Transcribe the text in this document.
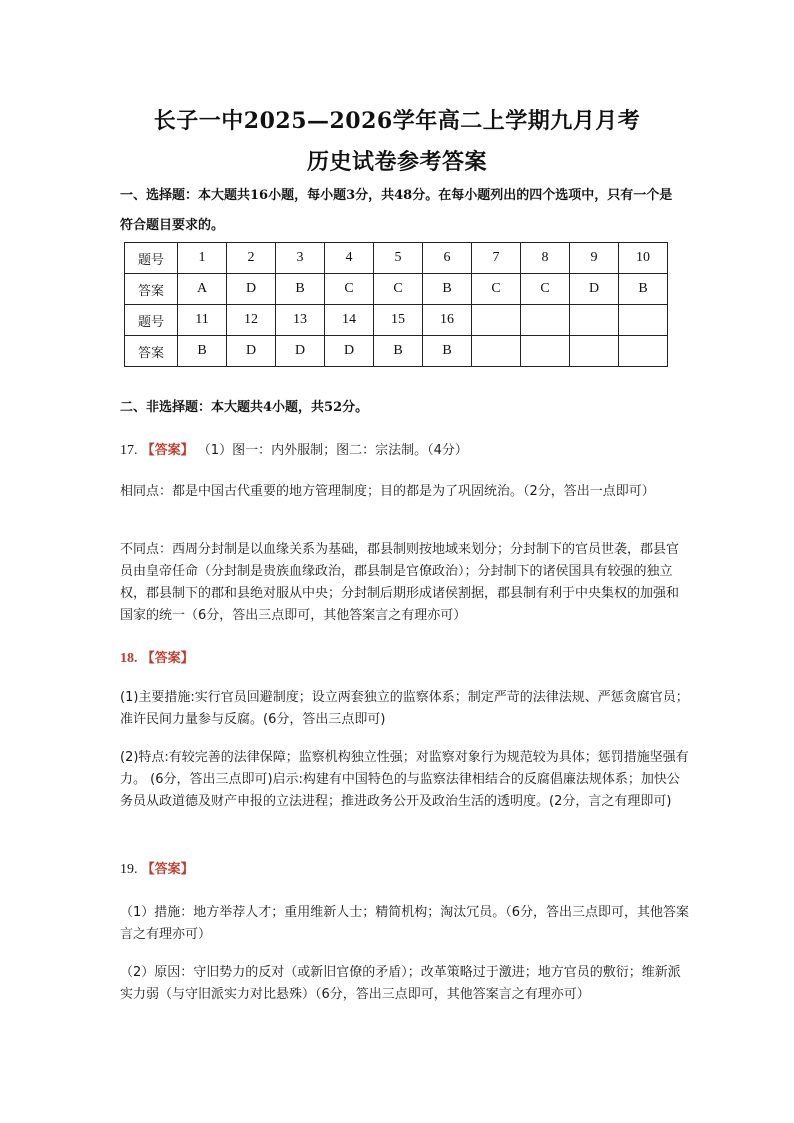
长子一中2025—2026学年高二上学期九月月考
历史试卷参考答案
一、选择题：本大题共16小题，每小题3分，共48分。在每小题列出的四个选项中，只有一个是符合题目要求的。
题号	1	2	3	4	5	6	7	8	9	10
答案	A	D	B	C	C	B	C	C	D	B
题号	11	12	13	14	15	16				
答案	B	D	D	D	B	B				
二、非选择题：本大题共4小题，共52分。
17. 【答案】 （1）图一：内外服制；图二：宗法制。（4分）
相同点：都是中国古代重要的地方管理制度；目的都是为了巩固统治。（2分，答出一点即可）
不同点：西周分封制是以血缘关系为基础，郡县制则按地域来划分；分封制下的官员世袭，郡县官员由皇帝任命（分封制是贵族血缘政治，郡县制是官僚政治）；分封制下的诸侯国具有较强的独立权，郡县制下的郡和县绝对服从中央；分封制后期形成诸侯割据，郡县制有利于中央集权的加强和国家的统一（6分，答出三点即可，其他答案言之有理亦可）
18. 【答案】
(1)主要措施:实行官员回避制度；设立两套独立的监察体系；制定严苛的法律法规、严惩贪腐官员；准许民间力量参与反腐。(6分，答出三点即可)
(2)特点:有较完善的法律保障；监察机构独立性强；对监察对象行为规范较为具体；惩罚措施坚强有力。 (6分，答出三点即可)启示:构建有中国特色的与监察法律相结合的反腐倡廉法规体系；加快公务员从政道德及财产申报的立法进程；推进政务公开及政治生活的透明度。(2分，言之有理即可)
19. 【答案】
（1）措施：地方举荐人才；重用维新人士；精简机构；淘汰冗员。（6分，答出三点即可，其他答案言之有理亦可）
（2）原因：守旧势力的反对（或新旧官僚的矛盾）；改革策略过于激进；地方官员的敷衍；维新派实力弱（与守旧派实力对比悬殊）（6分，答出三点即可，其他答案言之有理亦可）
